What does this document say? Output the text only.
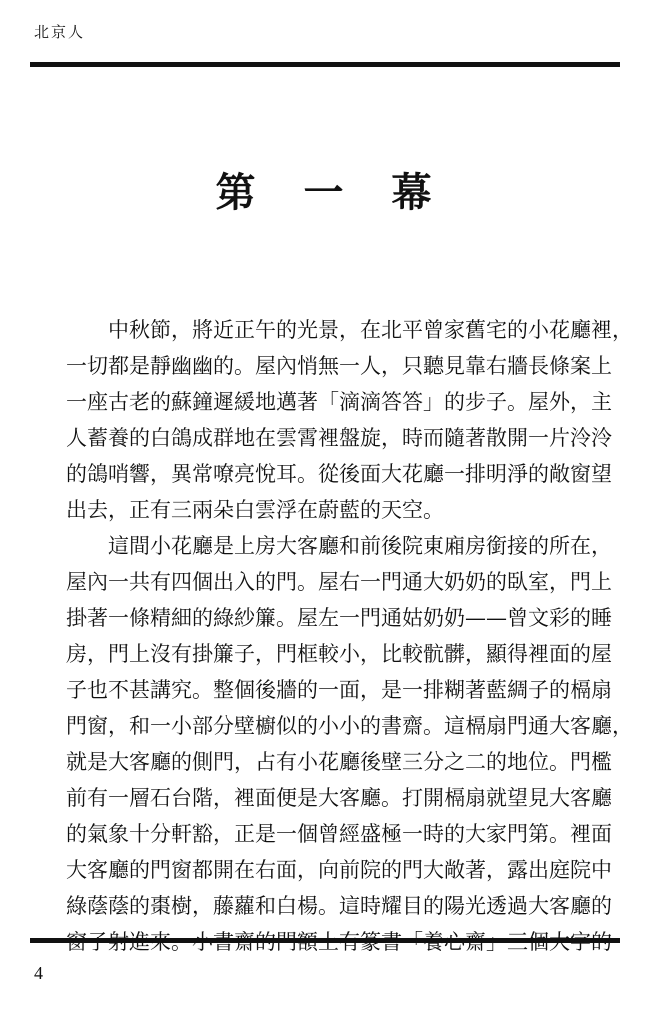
北京人
第一幕

中秋節，將近正午的光景，在北平曾家舊宅的小花廳裡，
一切都是靜幽幽的。屋內悄無一人，只聽見靠右牆長條案上
一座古老的蘇鐘遲緩地邁著「滴滴答答」的步子。屋外，主
人蓄養的白鴿成群地在雲霄裡盤旋，時而隨著散開一片泠泠
的鴿哨響，異常嘹亮悅耳。從後面大花廳一排明淨的敞窗望
出去，正有三兩朵白雲浮在蔚藍的天空。

這間小花廳是上房大客廳和前後院東廂房銜接的所在，
屋內一共有四個出入的門。屋右一門通大奶奶的臥室，門上
掛著一條精細的綠紗簾。屋左一門通姑奶奶——曾文彩的睡
房，門上沒有掛簾子，門框較小，比較骯髒，顯得裡面的屋
子也不甚講究。整個後牆的一面，是一排糊著藍綢子的槅扇
門窗，和一小部分壁櫥似的小小的書齋。這槅扇門通大客廳，
就是大客廳的側門，占有小花廳後壁三分之二的地位。門檻
前有一層石台階，裡面便是大客廳。打開槅扇就望見大客廳
的氣象十分軒豁，正是一個曾經盛極一時的大家門第。裡面
大客廳的門窗都開在右面，向前院的門大敞著，露出庭院中
綠蔭蔭的棗樹，藤蘿和白楊。這時耀目的陽光透過大客廳的

4
